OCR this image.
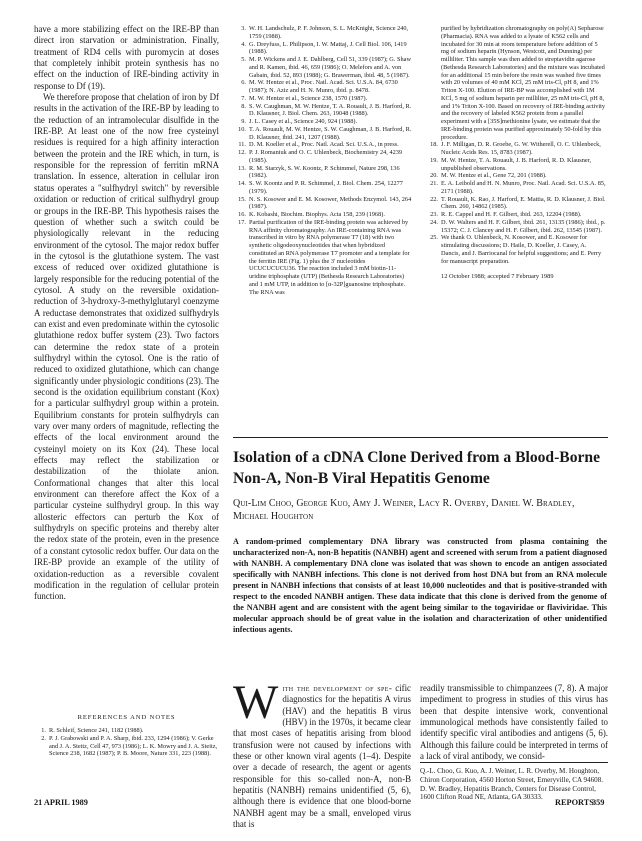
have a more stabilizing effect on the IRE-BP than direct iron starvation or administration. Finally, treatment of RD4 cells with puromycin at doses that completely inhibit protein synthesis has no effect on the induction of IRE-binding activity in response to Df (19).

We therefore propose that chelation of iron by Df results in the activation of the IRE-BP by leading to the reduction of an intramolecular disulfide in the IRE-BP. At least one of the now free cysteinyl residues is required for a high affinity interaction between the protein and the IRE which, in turn, is responsible for the repression of ferritin mRNA translation. In essence, alteration in cellular iron status operates a "sulfhydryl switch" by reversible oxidation or reduction of critical sulfhydryl group or groups in the IRE-BP. This hypothesis raises the question of whether such a switch could be physiologically relevant in the reducing environment of the cytosol. The major redox buffer in the cytosol is the glutathione system. The vast excess of reduced over oxidized glutathione is largely responsible for the reducing potential of the cytosol. A study on the reversible oxidation-reduction of 3-hydroxy-3-methylglutaryl coenzyme A reductase demonstrates that oxidized sulfhydryls can exist and even predominate within the cytosolic glutathione redox buffer system (23). Two factors can determine the redox state of a protein sulfhydryl within the cytosol. One is the ratio of reduced to oxidized glutathione, which can change significantly under physiologic conditions (23). The second is the oxidation equilibrium constant (Kox) for a particular sulfhydryl group within a protein. Equilibrium constants for protein sulfhydryls can vary over many orders of magnitude, reflecting the effects of the local environment around the cysteinyl moiety on its Kox (24). These local effects may reflect the stabilization or destabilization of the thiolate anion. Conformational changes that alter this local environment can therefore affect the Kox of a particular cysteine sulfhydryl group. In this way allosteric effectors can perturb the Kox of sulfhydryls on specific proteins and thereby alter the redox state of the protein, even in the presence of a constant cytosolic redox buffer. Our data on the IRE-BP provide an example of the utility of oxidation-reduction as a reversible covalent modification in the regulation of cellular protein function.

REFERENCES AND NOTES
1. R. Schleif, Science 241, 1182 (1988).
2. P. J. Grabowski and P. A. Sharp, ibid. 233, 1294 (1986); V. Gerke and J. A. Steitz, Cell 47, 973 (1986); L. K. Mowry and J. A. Steitz, Science 238, 1682 (1987); P. B. Moore, Nature 331, 223 (1988).
3. W. H. Landschulz, P. F. Johnson, S. L. McKnight, Science 240, 1759 (1988).
4. G. Dreyfuss, L. Philipson, I. W. Mattaj, J. Cell Biol. 106, 1419 (1988).
5. M. P. Wickens and J. E. Dahlberg, Cell 51, 339 (1987); G. Shaw and R. Kamen, ibid. 46, 659 (1986); O. Melefors and A. von Gabain, ibid. 52, 893 (1988); G. Brawerman, ibid. 48, 5 (1987).
6. M. W. Hentze et al., Proc. Natl. Acad. Sci. U.S.A. 84, 6730 (1987); N. Aziz and H. N. Munro, ibid. p. 8478.
7. M. W. Hentze et al., Science 238, 1570 (1987).
8. S. W. Caughman, M. W. Hentze, T. A. Rouault, J. B. Harford, R. D. Klausner, J. Biol. Chem. 263, 19048 (1988).
9. J. L. Casey et al., Science 240, 924 (1988).
10. T. A. Rouault, M. W. Hentze, S. W. Caughman, J. B. Harford, R. D. Klausner, ibid. 241, 1207 (1988).
11. D. M. Koeller et al., Proc. Natl. Acad. Sci. U.S.A., in press.
12. P. J. Romaniuk and O. C. Uhlenbeck, Biochemistry 24, 4239 (1985).
13. R. M. Starzyk, S. W. Koontz, P. Schimmel, Nature 298, 136 (1982).
14. S. W. Koontz and P. R. Schimmel, J. Biol. Chem. 254, 12277 (1979).
15. N. S. Kosower and E. M. Kosower, Methods Enzymol. 143, 264 (1987).
16. K. Kobashi, Biochim. Biophys. Acta 158, 239 (1968).
17. Partial purification of the IRE-binding protein was achieved by RNA affinity chromatography. An IRE-containing RNA was transcribed in vitro by RNA polymerase T7 (18) with two synthetic oligodeoxynucleotides that when hybridized constituted an RNA polymerase T7 promoter and a template for the ferritin IRE (Fig. 1) plus the 3' nucleotides UCUCUCUCU36. The reaction included 3 mM biotin-11-uridine triphosphate (UTP) (Bethesda Research Laboratories) and 1 mM UTP, in addition to [α-32P]guanosine triphosphate. The RNA was
purified by hybridization chromatography on poly(A) Sepharose (Pharmacia). RNA was added to a lysate of K562 cells and incubated for 30 min at room temperature before addition of 5 mg of sodium heparin (Hynson, Westcott, and Dunning) per milliliter. This sample was then added to streptavidin agarose (Bethesda Research Laboratories) and the mixture was incubated for an additional 15 min before the resin was washed five times with 20 volumes of 40 mM KCl, 25 mM tris-Cl, pH 8, and 1% Triton X-100. Elution of IRE-BP was accomplished with 1M KCl, 5 mg of sodium heparin per milliliter, 25 mM tris-Cl, pH 8, and 1% Triton X-100. Based on recovery of IRE-binding activity and the recovery of labeled K562 protein from a parallel experiment with a [35S]methionine lysate, we estimate that the IRE-binding protein was purified approximately 50-fold by this procedure.
18. J. F. Milligan, D. R. Groebe, G. W. Witherell, O. C. Uhlenbeck, Nucleic Acids Res. 15, 8783 (1987).
19. M. W. Hentze, T. A. Rouault, J. B. Harford, R. D. Klausner, unpublished observations.
20. M. W. Hentze et al., Gene 72, 201 (1988).
21. E. A. Leibold and H. N. Munro, Proc. Natl. Acad. Sci. U.S.A. 85, 2171 (1988).
22. T. Rouault, K. Rao, J. Harford, E. Mattia, R. D. Klausner, J. Biol. Chem. 260, 14862 (1985).
23. R. E. Cappel and H. F. Gilbert, ibid. 263, 12204 (1988).
24. D. W. Walters and H. F. Gilbert, ibid. 261, 13135 (1986); ibid., p. 15372; C. J. Clancey and H. F. Gilbert, ibid. 262, 13545 (1987).
25. We thank O. Uhlenbeck, N. Kosower, and E. Kosower for stimulating discussions; D. Haile, D. Koeller, J. Casey, A. Dancis, and J. Barriocanal for helpful suggestions; and E. Perry for manuscript preparation.
12 October 1988; accepted 7 February 1989
Isolation of a cDNA Clone Derived from a Blood-Borne Non-A, Non-B Viral Hepatitis Genome
Qui-Lim Choo, George Kuo, Amy J. Weiner, Lacy R. Overby, Daniel W. Bradley, Michael Houghton
A random-primed complementary DNA library was constructed from plasma containing the uncharacterized non-A, non-B hepatitis (NANBH) agent and screened with serum from a patient diagnosed with NANBH. A complementary DNA clone was isolated that was shown to encode an antigen associated specifically with NANBH infections. This clone is not derived from host DNA but from an RNA molecule present in NANBH infections that consists of at least 10,000 nucleotides and that is positive-stranded with respect to the encoded NANBH antigen. These data indicate that this clone is derived from the genome of the NANBH agent and are consistent with the agent being similar to the togaviridae or flaviviridae. This molecular approach should be of great value in the isolation and characterization of other unidentified infectious agents.
With the development of spe- cific diagnostics for the hepatitis A virus (HAV) and the hepatitis B virus (HBV) in the 1970s, it became clear that most cases of hepatitis arising from blood transfusion were not caused by infections with these or other known viral agents (1–4). Despite over a decade of research, the agent or agents responsible for this so-called non-A, non-B hepatitis (NANBH) remains unidentified (5, 6), although there is evidence that one blood-borne NANBH agent may be a small, enveloped virus that is

readily transmissible to chimpanzees (7, 8). A major impediment to progress in studies of this virus has been that despite intensive work, conventional immunological methods have consistently failed to identify specific viral antibodies and antigens (5, 6). Although this failure could be interpreted in terms of a lack of viral antibody, we consid-

Q.-L. Choo, G. Kuo, A. J. Weiner, L. R. Overby, M. Houghton, Chiron Corporation, 4560 Horton Street, Emeryville, CA 94608.

D. W. Bradley, Hepatitis Branch, Centers for Disease Control, 1600 Clifton Road NE, Atlanta, GA 30333.

21 APRIL 1989	REPORTS
359
